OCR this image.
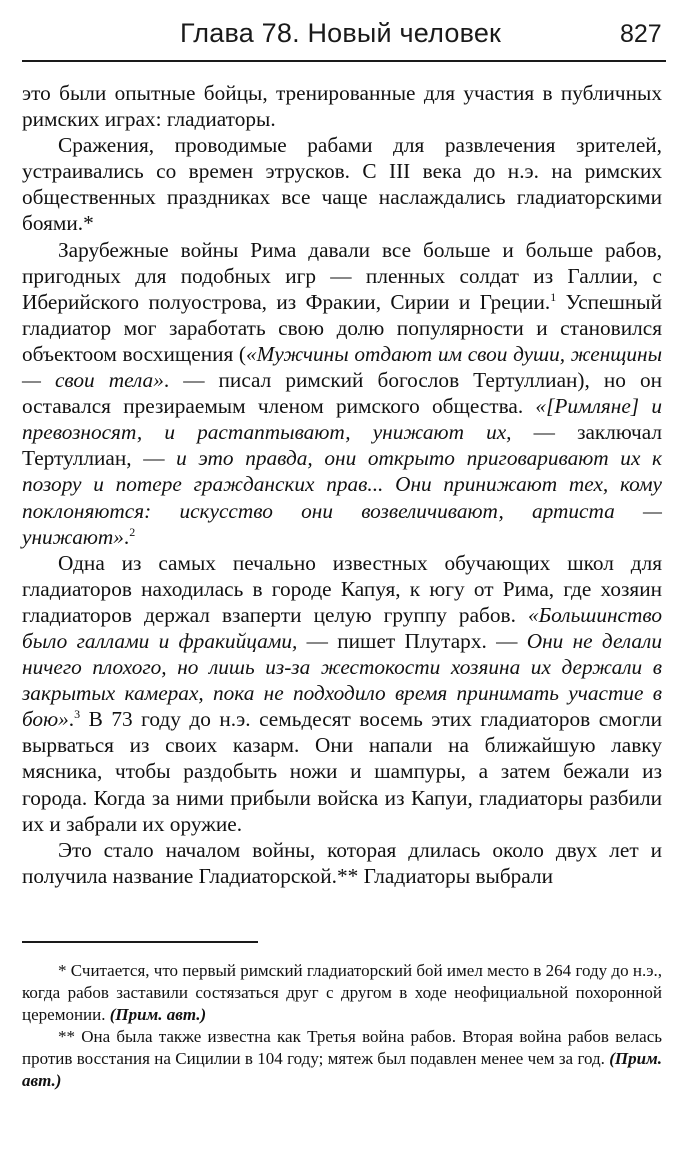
Глава 78. Новый человек	827

это были опытные бойцы, тренированные для участия в публичных римских играх: гладиаторы.

Сражения, проводимые рабами для развлечения зрителей, устраивались со времен этрусков. С III века до н.э. на римских общественных праздниках все чаще наслаждались гладиаторскими боями.*

Зарубежные войны Рима давали все больше и больше рабов, пригодных для подобных игр — пленных солдат из Галлии, с Иберийского полуострова, из Фракии, Сирии и Греции.$^1$ Успешный гладиатор мог заработать свою долю популярности и становился объектоом восхищения («Мужчины отдают им свои души, женщины — свои тела». — писал римский богослов Тертуллиан), но он оставался презираемым членом римского общества. «[Римляне] и превозносят, и растаптывают, унижают их, — заключал Тертуллиан, — и это правда, они открыто приговаривают их к позору и потере гражданских прав... Они принижают тех, кому поклоняются: искусство они возвеличивают, артиста — унижают».$^2$

Одна из самых печально известных обучающих школ для гладиаторов находилась в городе Капуя, к югу от Рима, где хозяин гладиаторов держал взаперти целую группу рабов. «Большинство было галлами и фракийцами, — пишет Плутарх. — Они не делали ничего плохого, но лишь из-за жестокости хозяина их держали в закрытых камерах, пока не подходило время принимать участие в бою».$^3$ В 73 году до н.э. семьдесят восемь этих гладиаторов смогли вырваться из своих казарм. Они напали на ближайшую лавку мясника, чтобы раздобыть ножи и шампуры, а затем бежали из города. Когда за ними прибыли войска из Капуи, гладиаторы разбили их и забрали их оружие.

Это стало началом войны, которая длилась около двух лет и получила название Гладиаторской.** Гладиаторы выбрали

* Считается, что первый римский гладиаторский бой имел место в 264 году до н.э., когда рабов заставили состязаться друг с другом в ходе неофициальной похоронной церемонии. (Прим. авт.)

** Она была также известна как Третья война рабов. Вторая война рабов велась против восстания на Сицилии в 104 году; мятеж был подавлен менее чем за год. (Прим. авт.)
